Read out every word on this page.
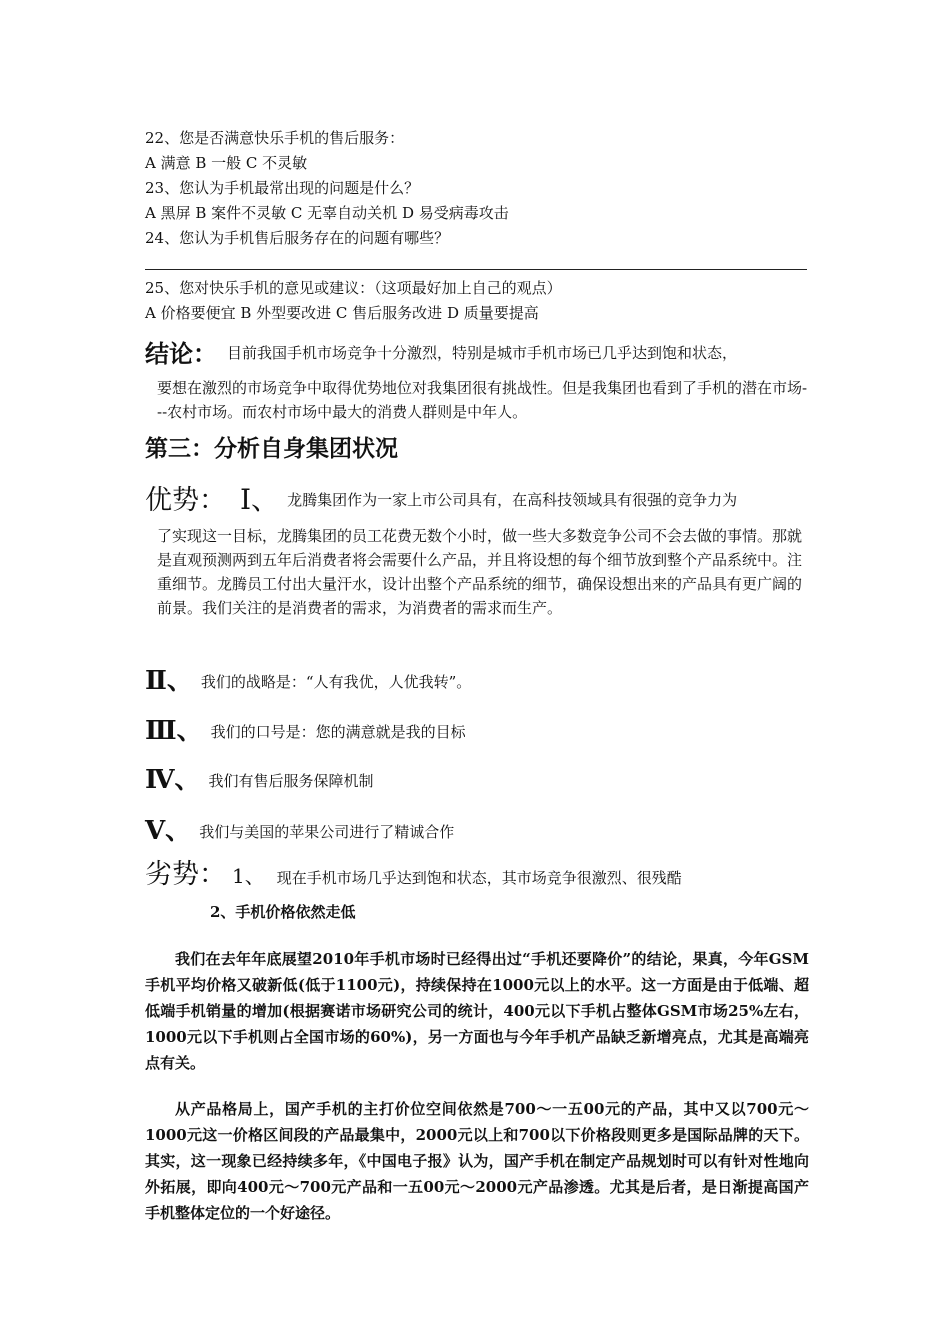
22、您是否满意快乐手机的售后服务：
A 满意 B 一般 C 不灵敏
23、您认为手机最常出现的问题是什么？
A 黑屏 B 案件不灵敏 C 无辜自动关机 D 易受病毒攻击
24、您认为手机售后服务存在的问题有哪些？
25、您对快乐手机的意见或建议：（这项最好加上自己的观点）
A 价格要便宜 B 外型要改进 C 售后服务改进 D 质量要提高
结论： 目前我国手机市场竞争十分激烈，特别是城市手机市场已几乎达到饱和状态，
要想在激烈的市场竞争中取得优势地位对我集团很有挑战性。但是我集团也看到了手机的潜在市场---农村市场。而农村市场中最大的消费人群则是中年人。
第三：分析自身集团状况
优势： Ⅰ、 龙腾集团作为一家上市公司具有，在高科技领域具有很强的竞争力为
了实现这一目标，龙腾集团的员工花费无数个小时，做一些大多数竞争公司不会去做的事情。那就是直观预测两到五年后消费者将会需要什么产品，并且将设想的每个细节放到整个产品系统中。注重细节。龙腾员工付出大量汗水，设计出整个产品系统的细节，确保设想出来的产品具有更广阔的前景。我们关注的是消费者的需求，为消费者的需求而生产。
Ⅱ、 我们的战略是：“人有我优，人优我转”。
Ⅲ、 我们的口号是：您的满意就是我的目标
Ⅳ、 我们有售后服务保障机制
Ⅴ、 我们与美国的苹果公司进行了精诚合作
劣势： 1、 现在手机市场几乎达到饱和状态，其市场竞争很激烈、很残酷
2、手机价格依然走低
我们在去年年底展望2010年手机市场时已经得出过“手机还要降价”的结论，果真，今年GSM手机平均价格又破新低(低于1100元)，持续保持在1000元以上的水平。这一方面是由于低端、超低端手机销量的增加(根据赛诺市场研究公司的统计，400元以下手机占整体GSM市场25%左右，1000元以下手机则占全国市场的60%)，另一方面也与今年手机产品缺乏新增亮点，尤其是高端亮点有关。
从产品格局上，国产手机的主打价位空间依然是700～一五00元的产品，其中又以700元～1000元这一价格区间段的产品最集中，2000元以上和700以下价格段则更多是国际品牌的天下。其实，这一现象已经持续多年，《中国电子报》认为，国产手机在制定产品规划时可以有针对性地向外拓展，即向400元～700元产品和一五00元～2000元产品渗透。尤其是后者，是日渐提高国产手机整体定位的一个好途径。
